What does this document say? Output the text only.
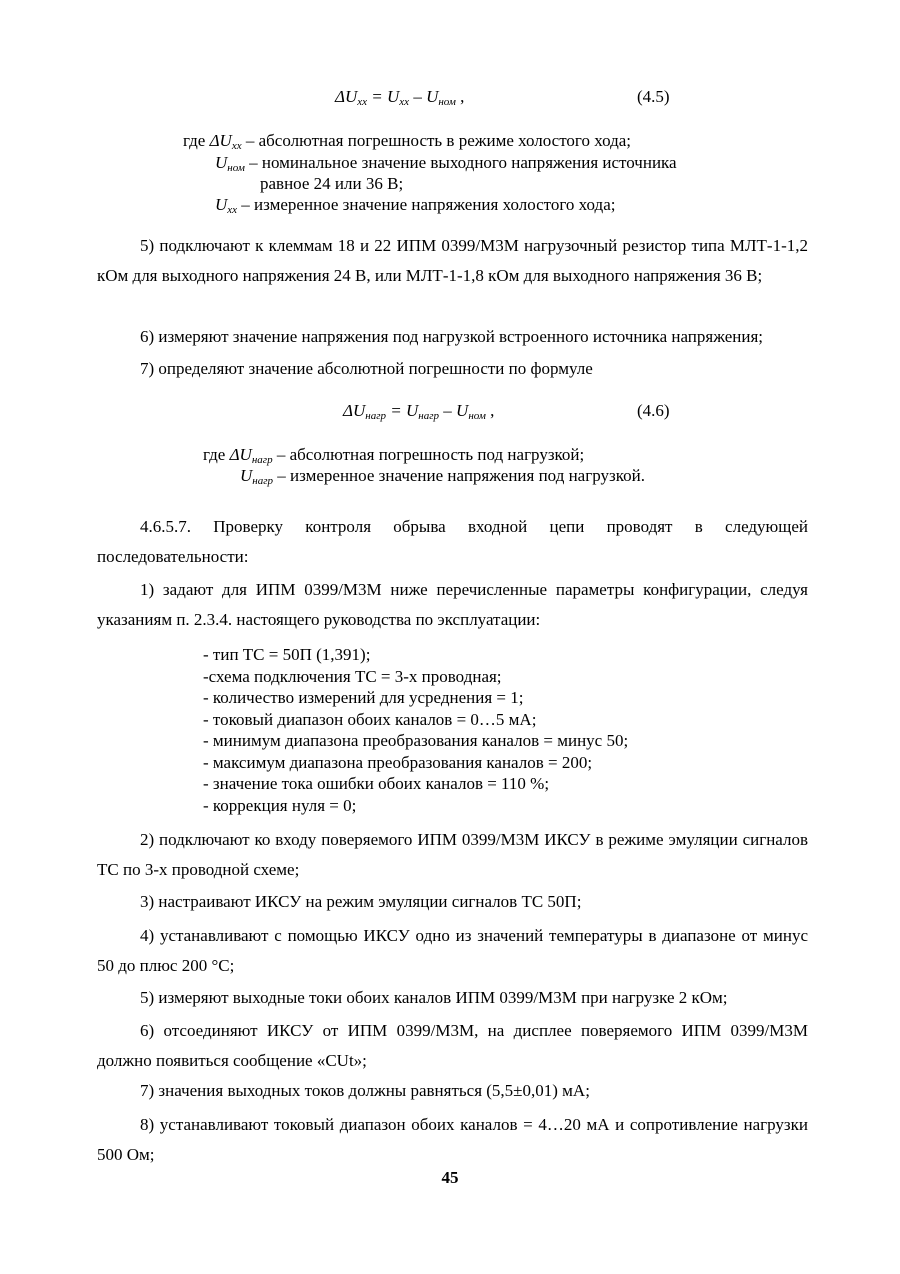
$\Delta U_{хх} = U_{хх} - U_{ном}$ ,	(4.5)
где $\Delta U_{хх}$ – абсолютная погрешность в режиме холостого хода;
$U_{ном}$ – номинальное значение выходного напряжения источника
равное 24 или 36 В;
$U_{хх}$ – измеренное значение напряжения холостого хода;
5) подключают к клеммам 18 и 22 ИПМ 0399/М3М нагрузочный резистор типа МЛТ-1-1,2 кОм для выходного напряжения 24 В, или МЛТ-1-1,8 кОм для выходного напряжения 36 В;
6) измеряют значение напряжения под нагрузкой встроенного источника напряжения;
7) определяют значение абсолютной погрешности по формуле
$\Delta U_{нагр} = U_{нагр} - U_{ном}$ ,	(4.6)
где $\Delta U_{нагр}$ – абсолютная погрешность под нагрузкой;
$U_{нагр}$ – измеренное значение напряжения под нагрузкой.
4.6.5.7. Проверку контроля обрыва входной цепи проводят в следующей последовательности:
1) задают для ИПМ 0399/М3М ниже перечисленные параметры конфигурации, следуя указаниям п. 2.3.4. настоящего руководства по эксплуатации:
- тип ТС = 50П (1,391);
-схема подключения ТС = 3-х проводная;
- количество измерений для усреднения = 1;
- токовый диапазон обоих каналов = 0…5 мА;
- минимум диапазона преобразования каналов = минус 50;
- максимум диапазона преобразования каналов = 200;
- значение тока ошибки обоих каналов = 110 %;
- коррекция нуля = 0;
2) подключают ко входу поверяемого ИПМ 0399/М3М ИКСУ в режиме эмуляции сигналов ТС по 3-х проводной схеме;
3) настраивают ИКСУ на режим эмуляции сигналов ТС 50П;
4) устанавливают с помощью ИКСУ одно из значений температуры в диапазоне от минус 50 до плюс 200 °С;
5) измеряют выходные токи обоих каналов ИПМ 0399/М3М при нагрузке 2 кОм;
6) отсоединяют ИКСУ от ИПМ 0399/М3М, на дисплее поверяемого ИПМ 0399/М3М должно появиться сообщение «CUt»;
7) значения выходных токов должны равняться (5,5±0,01) мА;
8) устанавливают токовый диапазон обоих каналов = 4…20 мА и сопротивление нагрузки 500 Ом;
45
